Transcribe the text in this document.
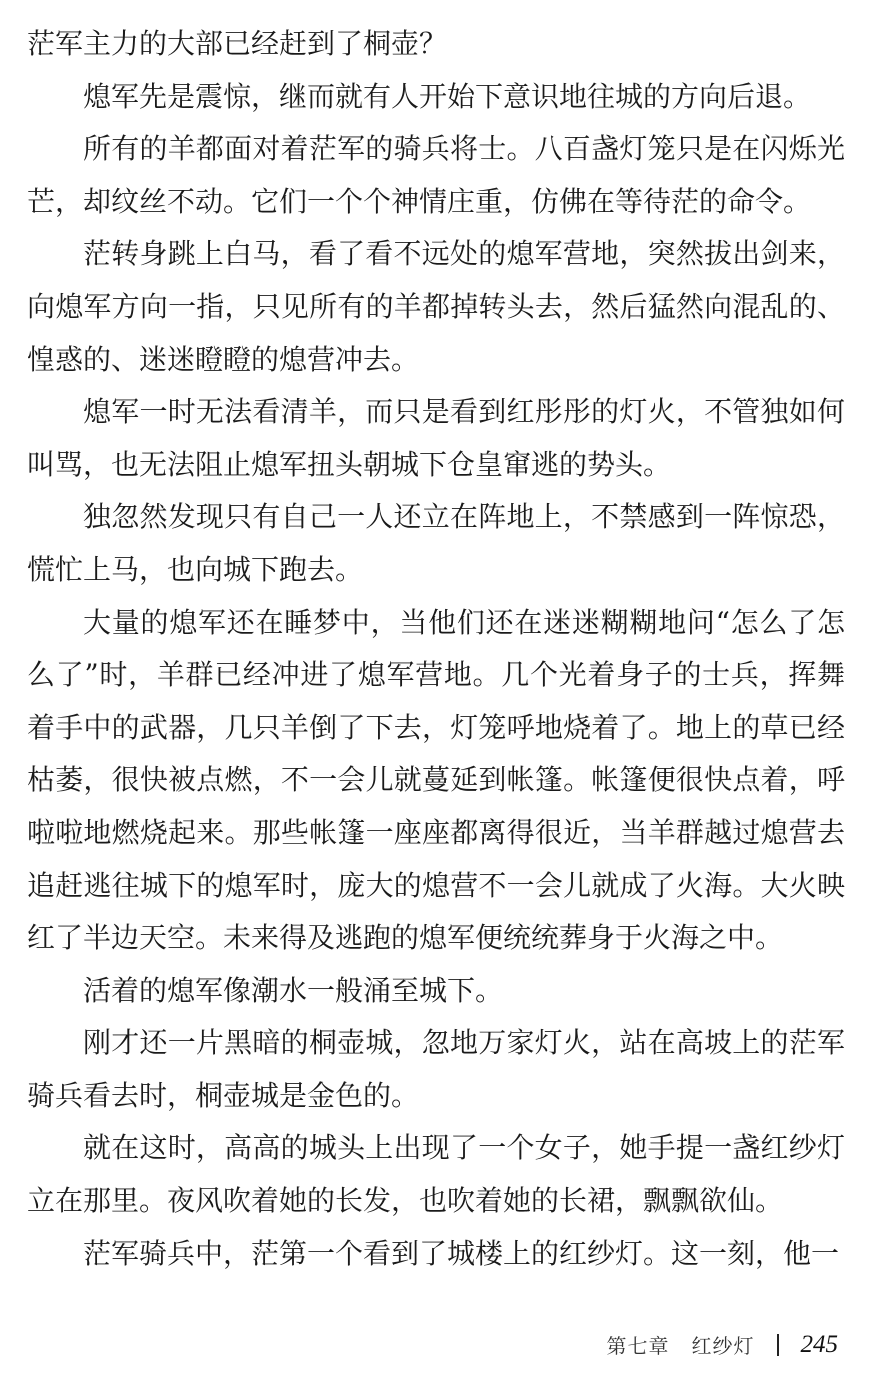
茫军主力的大部已经赶到了桐壶？

熄军先是震惊，继而就有人开始下意识地往城的方向后退。

所有的羊都面对着茫军的骑兵将士。八百盏灯笼只是在闪烁光芒，却纹丝不动。它们一个个神情庄重，仿佛在等待茫的命令。

茫转身跳上白马，看了看不远处的熄军营地，突然拔出剑来，向熄军方向一指，只见所有的羊都掉转头去，然后猛然向混乱的、惶惑的、迷迷瞪瞪的熄营冲去。

熄军一时无法看清羊，而只是看到红彤彤的灯火，不管独如何叫骂，也无法阻止熄军扭头朝城下仓皇窜逃的势头。

独忽然发现只有自己一人还立在阵地上，不禁感到一阵惊恐，慌忙上马，也向城下跑去。

大量的熄军还在睡梦中，当他们还在迷迷糊糊地问“怎么了怎么了”时，羊群已经冲进了熄军营地。几个光着身子的士兵，挥舞着手中的武器，几只羊倒了下去，灯笼呼地烧着了。地上的草已经枯萎，很快被点燃，不一会儿就蔓延到帐篷。帐篷便很快点着，呼啦啦地燃烧起来。那些帐篷一座座都离得很近，当羊群越过熄营去追赶逃往城下的熄军时，庞大的熄营不一会儿就成了火海。大火映红了半边天空。未来得及逃跑的熄军便统统葬身于火海之中。

活着的熄军像潮水一般涌至城下。

刚才还一片黑暗的桐壶城，忽地万家灯火，站在高坡上的茫军骑兵看去时，桐壶城是金色的。

就在这时，高高的城头上出现了一个女子，她手提一盏红纱灯立在那里。夜风吹着她的长发，也吹着她的长裙，飘飘欲仙。

茫军骑兵中，茫第一个看到了城楼上的红纱灯。这一刻，他一

第七章 红纱灯 245
